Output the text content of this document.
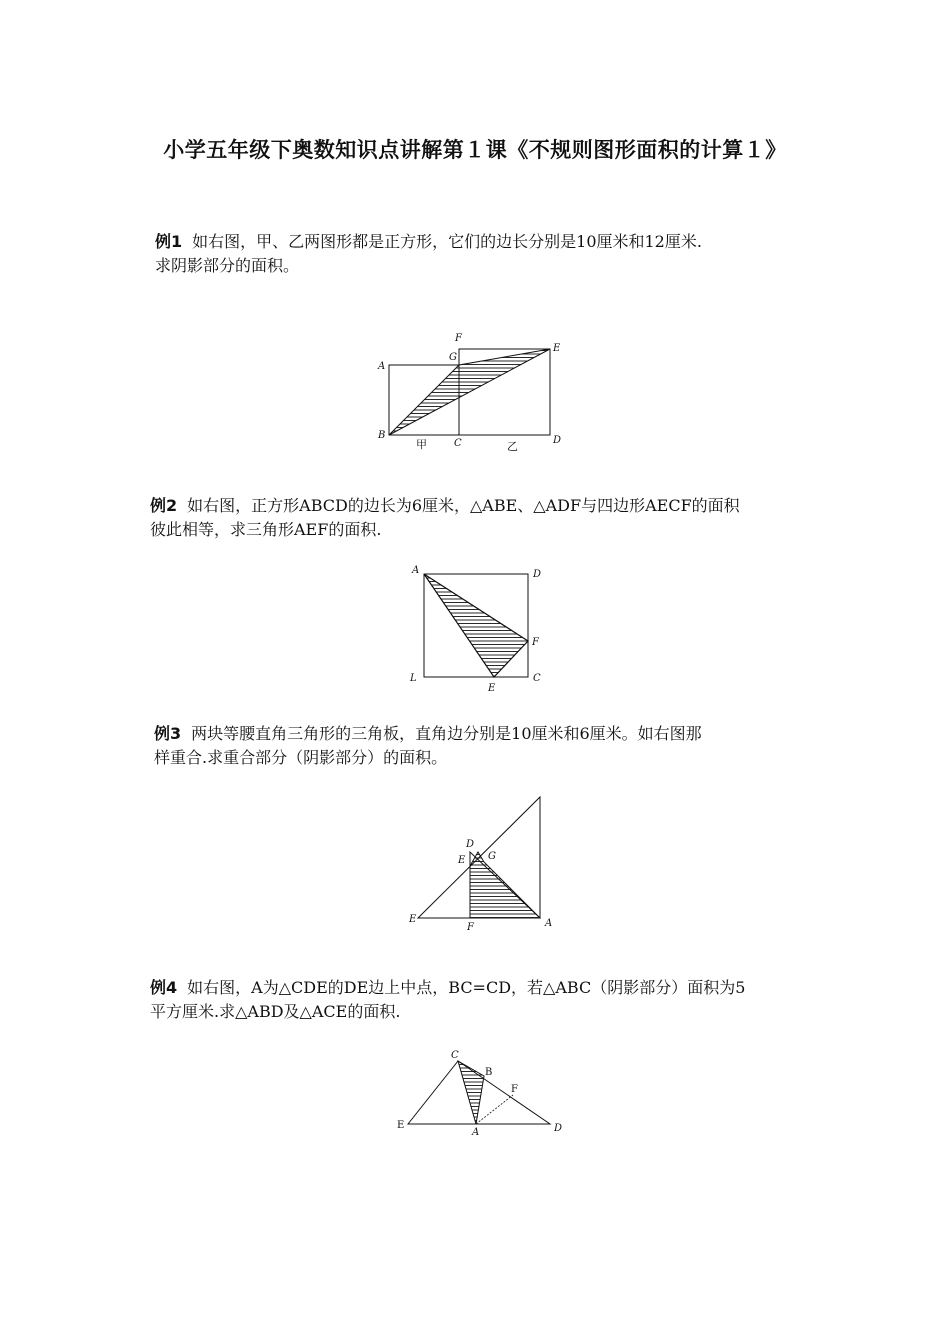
小学五年级下奥数知识点讲解第１课《不规则图形面积的计算１》
例1 如右图，甲、乙两图形都是正方形，它们的边长分别是10厘米和12厘米.
求阴影部分的面积。
A
B
C	D
E
F
G
甲	乙
例2 如右图，正方形ABCD的边长为6厘米，△ABE、△ADF与四边形AECF的面积
彼此相等，求三角形AEF的面积.
A	D
F
C
L
E
例3 两块等腰直角三角形的三角板，直角边分别是10厘米和6厘米。如右图那
样重合.求重合部分（阴影部分）的面积。
D
E G
E
F	A
例4 如右图，A为△CDE的DE边上中点，BC=CD，若△ABC（阴影部分）面积为5
平方厘米.求△ABD及△ACE的面积.
C
B
F
E
A	D
